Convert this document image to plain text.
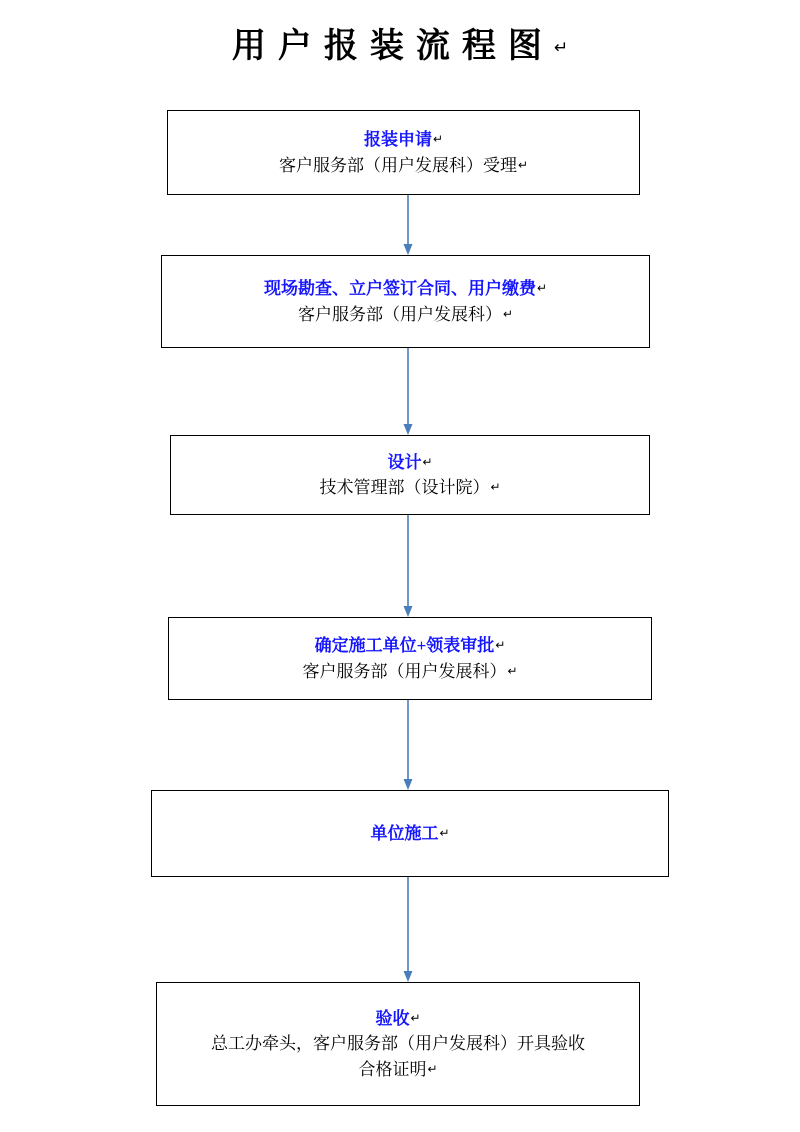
用户报装流程图↵
报装申请↵
客户服务部（用户发展科）受理↵
现场勘查、立户签订合同、用户缴费↵
客户服务部（用户发展科）↵
设计↵
技术管理部（设计院）↵
确定施工单位+领表审批↵
客户服务部（用户发展科）↵
单位施工↵
验收↵
总工办牵头，客户服务部（用户发展科）开具验收
合格证明↵
